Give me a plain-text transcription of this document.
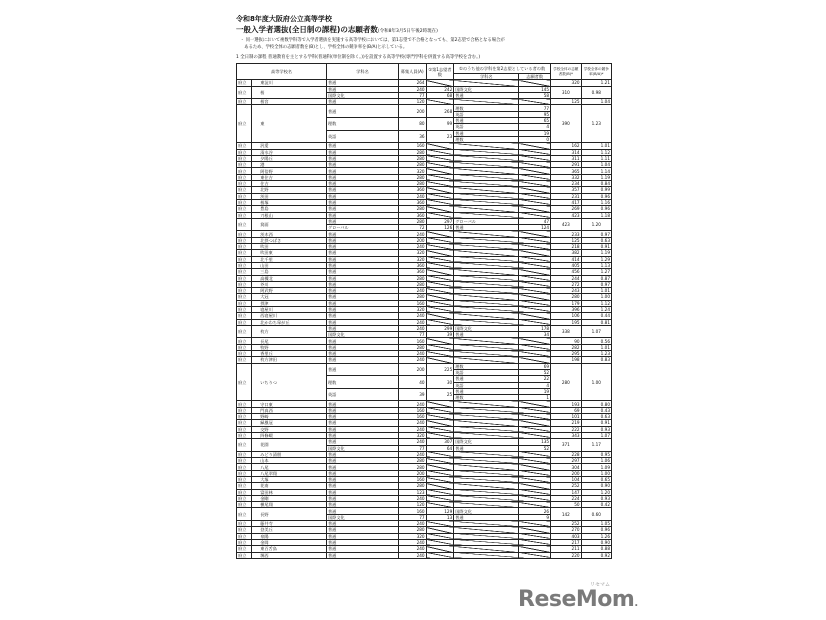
令和8年度大阪府公立高等学校
一般入学者選抜(全日制の課程)の志願者数(令和8年3月5日午後2時現在)
・ 同一選抜において複数学科等で入学者選抜を実施する高等学校においては、第1志望で不合格となっても、第2志望で合格となる場合が
　あるため、学校全体の志願者数を(B)とし、学校全体の競争率を(B/A)と示している。
1 全日制の課程 普通教育を主とする学科(普通科(単位制を除く。))を設置する高等学校(専門学科を併置する高等学校を含む。)
高等学校名		学科名	募集人員(A)	①第1志望者数	①のうち他の学科を第2志望としている者の数		学校全体の志願者数(B)*	学校全体の競争率(B/A)*
					学科名	志願者数		
府立	東淀川	普通	264				320	1.21
府立	桜	普通	240	242	国際文化	145	310	0.98
		国際文化	77	68	普通	58		
府立	桜宮	普通	120				125	1.04
府立	東	普通	200	268	理数	77	390	1.23
					英語	95		
		理数	80	99	普通	65		
					英語	4		
		英語	36	23	普通	19		
					理数	0		
府立	汎愛	普通	160				162	1.01
府立	清水谷	普通	280				314	1.12
府立	夕陽丘	普通	280				311	1.11
府立	港	普通	280				291	1.04
府立	阿倍野	普通	320				365	1.14
府立	東住吉	普通	280				332	1.19
府立	住吉	普通	280				234	0.84
府立	北野	普通	360				357	0.99
府立	茨田	普通	240				231	0.96
府立	桜塚	普通	360				417	1.16
府立	豊島	普通	280				269	0.96
府立	刀根山	普通	360				423	1.18
府立	箕面	普通	280	297	グローバル	47	423	1.20
		グローバル	72	126	普通	124		
府立	茨木西	普通	240				233	0.97
府立	北摂つばさ	普通	200				125	0.63
府立	吹田	普通	240				218	0.91
府立	吹田東	普通	320				382	1.19
府立	北千里	普通	320				414	1.29
府立	山田	普通	360				405	1.13
府立	三島	普通	360				456	1.27
府立	高槻北	普通	280				244	0.87
府立	芥川	普通	280				272	0.97
府立	阿武野	普通	240				243	1.01
府立	大冠	普通	280				280	1.00
府立	摂津	普通	160				179	1.12
府立	寝屋川	普通	320				396	1.24
府立	西寝屋川	普通	240				106	0.44
府立	北かわち皐が丘	普通	240				195	0.81
府立	枚方	普通	240	299	国際文化	178	338	1.07
		国際文化	77	39	普通	34		
府立	長尾	普通	160				90	0.56
府立	牧野	普通	280				282	1.01
府立	香里丘	普通	240				295	1.23
府立	枚方津田	普通	240				198	0.83
府立	いちりつ	普通	200	225	理数	69	280	1.00
					英語	52		
		理数	40	30	普通	22		
					英語	4		
		英語	39	25	普通	19		
					理数	1		
府立	守口東	普通	240				193	0.80
府立	門真西	普通	160				69	0.43
府立	野崎	普通	160				101	0.63
府立	緑風冠	普通	240				219	0.91
府立	交野	普通	240				222	0.93
府立	四條畷	普通	320				343	1.07
府立	花園	普通	240	307	国際文化	135	371	1.17
		国際文化	77	64	普通	52		
府立	みどり清朋	普通	240				228	0.95
府立	山本	普通	280				297	1.06
府立	八尾	普通	280				304	1.09
府立	八尾翠翔	普通	200				200	1.00
府立	大塚	普通	160				104	0.65
府立	花南	普通	280				252	0.90
府立	富田林	普通	123				147	1.20
府立	金剛	普通	240				224	0.93
府立	横尾翔	普通	120				50	0.42
府立	長野	普通	160	129	国際文化	26	142	0.60
		国際文化	77	13	普通	9		
府立	藤井寺	普通	240				252	1.05
府立	登美丘	普通	280				270	0.96
府立	泉陽	普通	320				403	1.26
府立	金岡	普通	240				217	0.90
府立	東百舌鳥	普通	240				211	0.88
府立	堺西	普通	240				220	0.92
ReseMom.
リセマム
